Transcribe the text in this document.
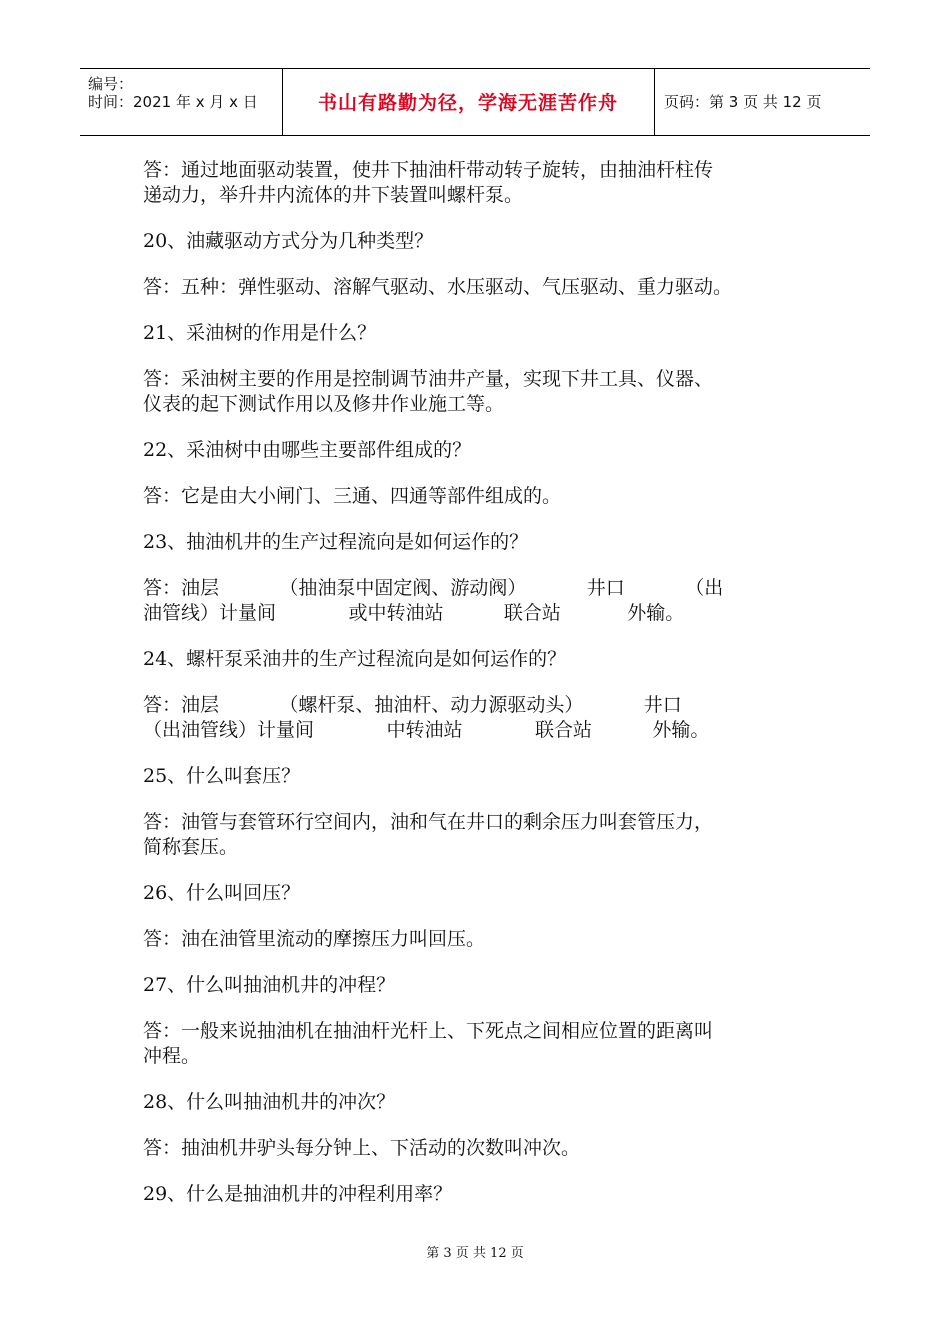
编号：
时间：2021 年 x 月 x 日	书山有路勤为径，学海无涯苦作舟	页码：第 3 页 共 12 页

答：通过地面驱动装置，使井下抽油杆带动转子旋转，由抽油杆柱传

递动力，举升井内流体的井下装置叫螺杆泵。

20、油藏驱动方式分为几种类型？

答：五种：弹性驱动、溶解气驱动、水压驱动、气压驱动、重力驱动。

21、采油树的作用是什么？

答：采油树主要的作用是控制调节油井产量，实现下井工具、仪器、

仪表的起下测试作用以及修井作业施工等。

22、采油树中由哪些主要部件组成的？

答：它是由大小闸门、三通、四通等部件组成的。

23、抽油机井的生产过程流向是如何运作的？

答：油层          （抽油泵中固定阀、游动阀）          井口          （出

油管线）计量间            或中转油站          联合站           外输。

24、螺杆泵采油井的生产过程流向是如何运作的？

答：油层          （螺杆泵、抽油杆、动力源驱动头）          井口

（出油管线）计量间            中转油站            联合站          外输。

25、什么叫套压？

答：油管与套管环行空间内，油和气在井口的剩余压力叫套管压力，

简称套压。

26、什么叫回压？

答：油在油管里流动的摩擦压力叫回压。

27、什么叫抽油机井的冲程？

答：一般来说抽油机在抽油杆光杆上、下死点之间相应位置的距离叫

冲程。

28、什么叫抽油机井的冲次？

答：抽油机井驴头每分钟上、下活动的次数叫冲次。

29、什么是抽油机井的冲程利用率？

第 3 页 共 12 页
